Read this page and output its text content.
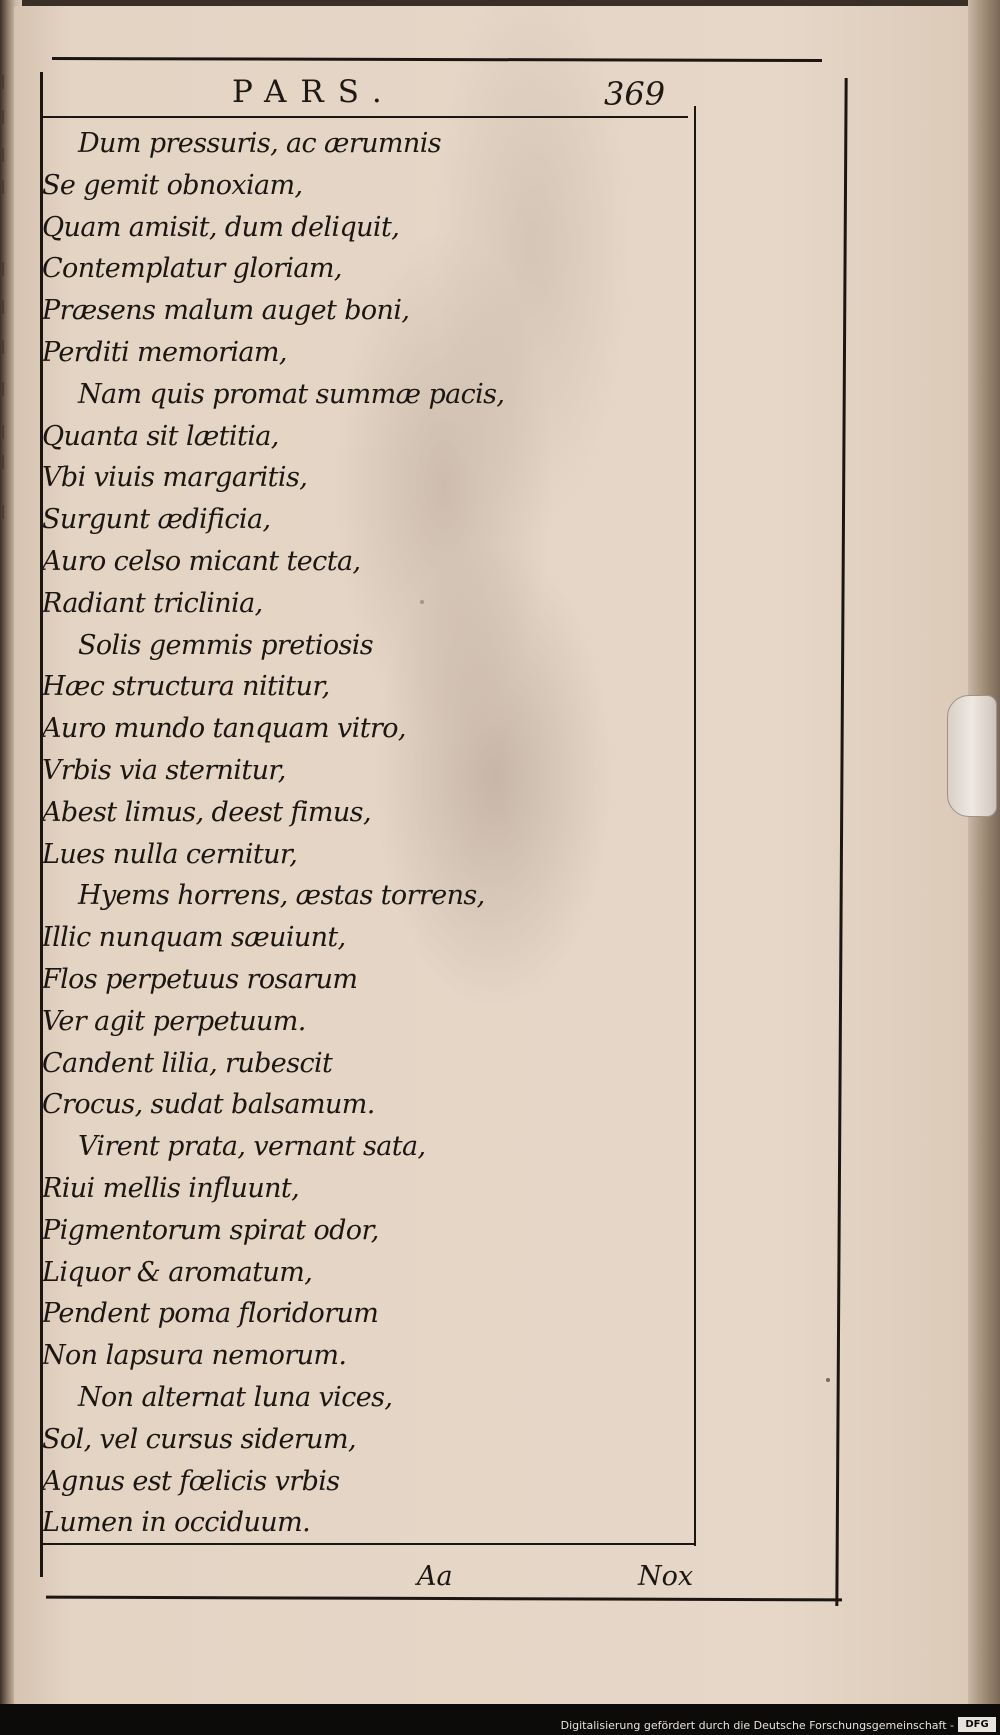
PARS.	369
Dum pressuris, ac ærumnis
Se gemit obnoxiam,
Quam amisit, dum deliquit,
Contemplatur gloriam,
Præsens malum auget boni,
Perditi memoriam,
Nam quis promat summæ pacis,
Quanta sit lætitia,
Vbi viuis margaritis,
Surgunt ædificia,
Auro celso micant tecta,
Radiant triclinia,
Solis gemmis pretiosis
Hæc structura nititur,
Auro mundo tanquam vitro,
Vrbis via sternitur,
Abest limus, deest fimus,
Lues nulla cernitur,
Hyems horrens, æstas torrens,
Illic nunquam sæuiunt,
Flos perpetuus rosarum
Ver agit perpetuum.
Candent lilia, rubescit
Crocus, sudat balsamum.
Virent prata, vernant sata,
Riui mellis influunt,
Pigmentorum spirat odor,
Liquor & aromatum,
Pendent poma floridorum
Non lapsura nemorum.
Non alternat luna vices,
Sol, vel cursus siderum,
Agnus est fœlicis vrbis
Lumen in occiduum.
Aa	Nox
Digitalisierung gefördert durch die Deutsche Forschungsgemeinschaft -	DFG
